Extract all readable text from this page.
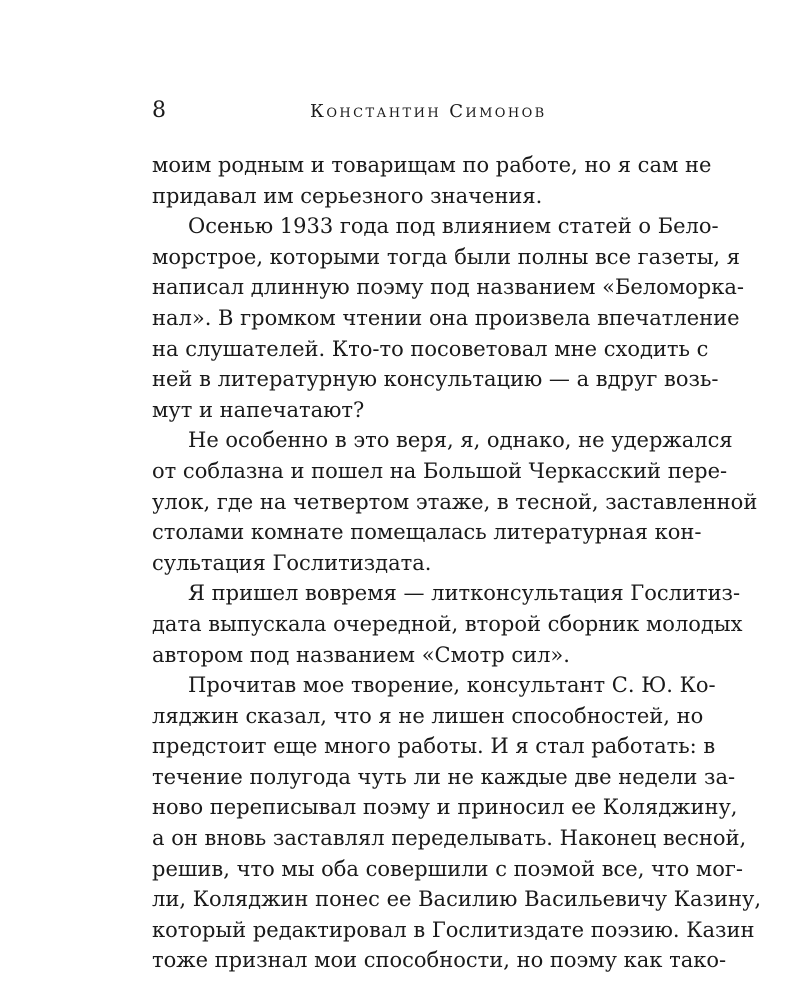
8	Константин Симонов
моим родным и товарищам по работе, но я сам не
придавал им серьезного значения.
Осенью 1933 года под влиянием статей о Бело-
морстрое, которыми тогда были полны все газеты, я
написал длинную поэму под названием «Беломорка-
нал». В громком чтении она произвела впечатление
на слушателей. Кто-то посоветовал мне сходить с
ней в литературную консультацию — а вдруг возь-
мут и напечатают?
Не особенно в это веря, я, однако, не удержался
от соблазна и пошел на Большой Черкасский пере-
улок, где на четвертом этаже, в тесной, заставленной
столами комнате помещалась литературная кон-
сультация Гослитиздата.
Я пришел вовремя — литконсультация Гослитиз-
дата выпускала очередной, второй сборник молодых
автором под названием «Смотр сил».
Прочитав мое творение, консультант С. Ю. Ко-
ляджин сказал, что я не лишен способностей, но
предстоит еще много работы. И я стал работать: в
течение полугода чуть ли не каждые две недели за-
ново переписывал поэму и приносил ее Коляджину,
а он вновь заставлял переделывать. Наконец весной,
решив, что мы оба совершили с поэмой все, что мог-
ли, Коляджин понес ее Василию Васильевичу Казину,
который редактировал в Гослитиздате поэзию. Казин
тоже признал мои способности, но поэму как тако-
